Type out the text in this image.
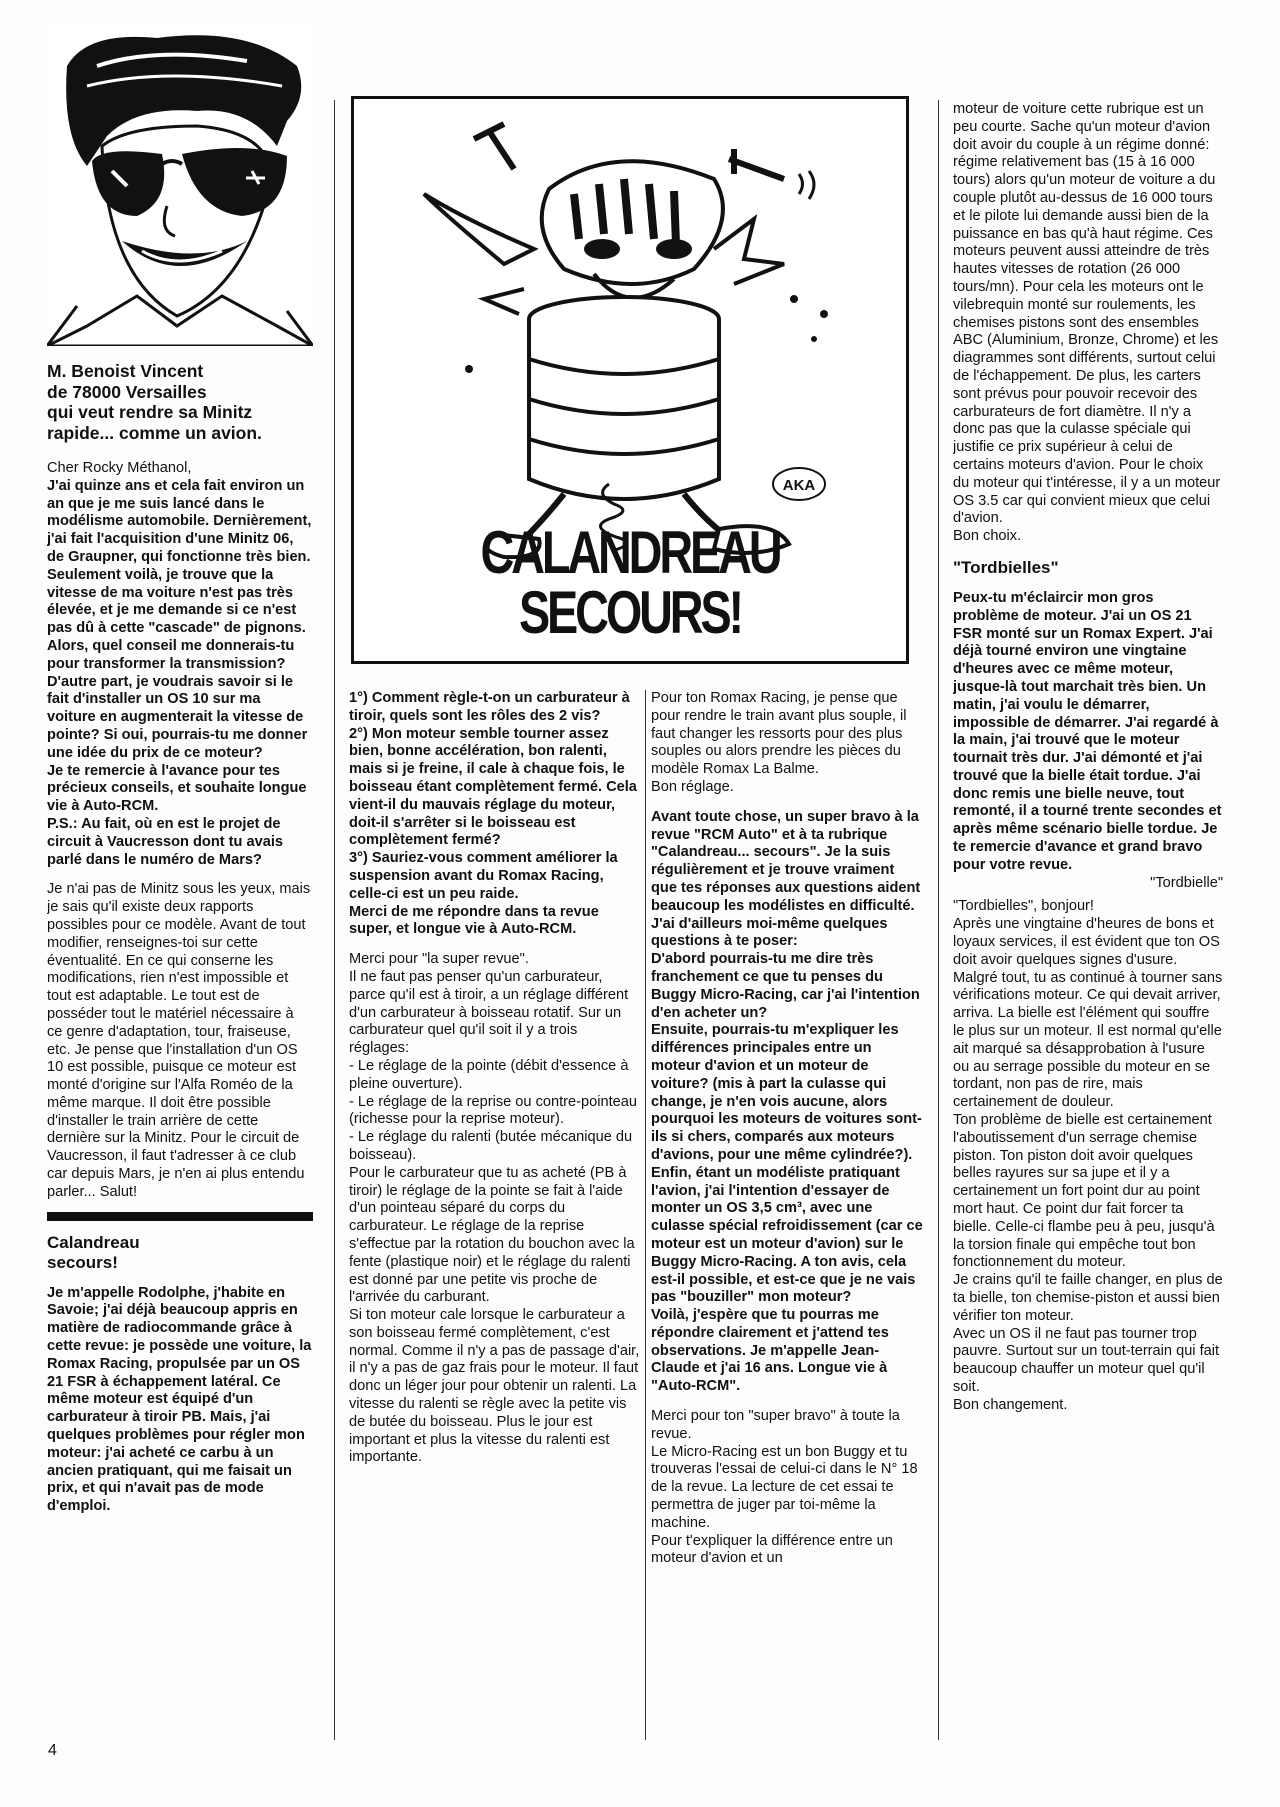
M. Benoist Vincent

de 78000 Versailles

qui veut rendre sa Minitz

rapide... comme un avion.

AKA
CALANDREAU SECOURS!

Cher Rocky Méthanol,

J'ai quinze ans et cela fait environ un an que je me suis lancé dans le modélisme automobile. Dernièrement, j'ai fait l'acquisition d'une Minitz 06, de Graupner, qui fonctionne très bien. Seulement voilà, je trouve que la vitesse de ma voiture n'est pas très élevée, et je me demande si ce n'est pas dû à cette "cascade" de pignons. Alors, quel conseil me donnerais-tu pour transformer la transmission? D'autre part, je voudrais savoir si le fait d'installer un OS 10 sur ma voiture en augmenterait la vitesse de pointe? Si oui, pourrais-tu me donner une idée du prix de ce moteur?

Je te remercie à l'avance pour tes précieux conseils, et souhaite longue vie à Auto-RCM.

P.S.: Au fait, où en est le projet de circuit à Vaucresson dont tu avais parlé dans le numéro de Mars?

Je n'ai pas de Minitz sous les yeux, mais je sais qu'il existe deux rapports possibles pour ce modèle. Avant de tout modifier, renseignes-toi sur cette éventualité. En ce qui conserne les modifications, rien n'est impossible et tout est adaptable. Le tout est de posséder tout le matériel nécessaire à ce genre d'adaptation, tour, fraiseuse, etc. Je pense que l'installation d'un OS 10 est possible, puisque ce moteur est monté d'origine sur l'Alfa Roméo de la même marque. Il doit être possible d'installer le train arrière de cette dernière sur la Minitz. Pour le circuit de Vaucresson, il faut t'adresser à ce club car depuis Mars, je n'en ai plus entendu parler... Salut!

Calandreau

secours!

Je m'appelle Rodolphe, j'habite en Savoie; j'ai déjà beaucoup appris en matière de radiocommande grâce à cette revue: je possède une voiture, la Romax Racing, propulsée par un OS 21 FSR à échappement latéral. Ce même moteur est équipé d'un carburateur à tiroir PB. Mais, j'ai quelques problèmes pour régler mon moteur: j'ai acheté ce carbu à un ancien pratiquant, qui me faisait un prix, et qui n'avait pas de mode d'emploi.

1°) Comment règle-t-on un carburateur à tiroir, quels sont les rôles des 2 vis?

2°) Mon moteur semble tourner assez bien, bonne accélération, bon ralenti, mais si je freine, il cale à chaque fois, le boisseau étant complètement fermé. Cela vient-il du mauvais réglage du moteur, doit-il s'arrêter si le boisseau est complètement fermé?

3°) Sauriez-vous comment améliorer la suspension avant du Romax Racing, celle-ci est un peu raide.

Merci de me répondre dans ta revue super, et longue vie à Auto-RCM.

Merci pour "la super revue".

Il ne faut pas penser qu'un carburateur, parce qu'il est à tiroir, a un réglage différent d'un carburateur à boisseau rotatif. Sur un carburateur quel qu'il soit il y a trois réglages:

- Le réglage de la pointe (débit d'essence à pleine ouverture).

- Le réglage de la reprise ou contre-pointeau (richesse pour la reprise moteur).

- Le réglage du ralenti (butée mécanique du boisseau).

Pour le carburateur que tu as acheté (PB à tiroir) le réglage de la pointe se fait à l'aide d'un pointeau séparé du corps du carburateur. Le réglage de la reprise s'effectue par la rotation du bouchon avec la fente (plastique noir) et le réglage du ralenti est donné par une petite vis proche de l'arrivée du carburant.

Si ton moteur cale lorsque le carburateur a son boisseau fermé complètement, c'est normal. Comme il n'y a pas de passage d'air, il n'y a pas de gaz frais pour le moteur. Il faut donc un léger jour pour obtenir un ralenti. La vitesse du ralenti se règle avec la petite vis de butée du boisseau. Plus le jour est important et plus la vitesse du ralenti est importante.

Pour ton Romax Racing, je pense que pour rendre le train avant plus souple, il faut changer les ressorts pour des plus souples ou alors prendre les pièces du modèle Romax La Balme.

Bon réglage.

Avant toute chose, un super bravo à la revue "RCM Auto" et à ta rubrique "Calandreau... secours". Je la suis régulièrement et je trouve vraiment que tes réponses aux questions aident beaucoup les modélistes en difficulté.

J'ai d'ailleurs moi-même quelques questions à te poser:

D'abord pourrais-tu me dire très franchement ce que tu penses du Buggy Micro-Racing, car j'ai l'intention d'en acheter un?

Ensuite, pourrais-tu m'expliquer les différences principales entre un moteur d'avion et un moteur de voiture? (mis à part la culasse qui change, je n'en vois aucune, alors pourquoi les moteurs de voitures sont-ils si chers, comparés aux moteurs d'avions, pour une même cylindrée?).

Enfin, étant un modéliste pratiquant l'avion, j'ai l'intention d'essayer de monter un OS 3,5 cm³, avec une culasse spécial refroidissement (car ce moteur est un moteur d'avion) sur le Buggy Micro-Racing. A ton avis, cela est-il possible, et est-ce que je ne vais pas "bouziller" mon moteur?

Voilà, j'espère que tu pourras me répondre clairement et j'attend tes observations. Je m'appelle Jean-Claude et j'ai 16 ans. Longue vie à "Auto-RCM".

Merci pour ton "super bravo" à toute la revue.

Le Micro-Racing est un bon Buggy et tu trouveras l'essai de celui-ci dans le N° 18 de la revue. La lecture de cet essai te permettra de juger par toi-même la machine.

Pour t'expliquer la différence entre un moteur d'avion et un

moteur de voiture cette rubrique est un peu courte. Sache qu'un moteur d'avion doit avoir du couple à un régime donné: régime relativement bas (15 à 16 000 tours) alors qu'un moteur de voiture a du couple plutôt au-dessus de 16 000 tours et le pilote lui demande aussi bien de la puissance en bas qu'à haut régime. Ces moteurs peuvent aussi atteindre de très hautes vitesses de rotation (26 000 tours/mn). Pour cela les moteurs ont le vilebrequin monté sur roulements, les chemises pistons sont des ensembles ABC (Aluminium, Bronze, Chrome) et les diagrammes sont différents, surtout celui de l'échappement. De plus, les carters sont prévus pour pouvoir recevoir des carburateurs de fort diamètre. Il n'y a donc pas que la culasse spéciale qui justifie ce prix supérieur à celui de certains moteurs d'avion. Pour le choix du moteur qui t'intéresse, il y a un moteur OS 3.5 car qui convient mieux que celui d'avion.

Bon choix.

"Tordbielles"

Peux-tu m'éclaircir mon gros problème de moteur. J'ai un OS 21 FSR monté sur un Romax Expert. J'ai déjà tourné environ une vingtaine d'heures avec ce même moteur, jusque-là tout marchait très bien. Un matin, j'ai voulu le démarrer, impossible de démarrer. J'ai regardé à la main, j'ai trouvé que le moteur tournait très dur. J'ai démonté et j'ai trouvé que la bielle était tordue. J'ai donc remis une bielle neuve, tout remonté, il a tourné trente secondes et après même scénario bielle tordue. Je te remercie d'avance et grand bravo pour votre revue.

"Tordbielle"

"Tordbielles", bonjour!

Après une vingtaine d'heures de bons et loyaux services, il est évident que ton OS doit avoir quelques signes d'usure. Malgré tout, tu as continué à tourner sans vérifications moteur. Ce qui devait arriver, arriva. La bielle est l'élément qui souffre le plus sur un moteur. Il est normal qu'elle ait marqué sa désapprobation à l'usure ou au serrage possible du moteur en se tordant, non pas de rire, mais certainement de douleur.

Ton problème de bielle est certainement l'aboutissement d'un serrage chemise piston. Ton piston doit avoir quelques belles rayures sur sa jupe et il y a certainement un fort point dur au point mort haut. Ce point dur fait forcer ta bielle. Celle-ci flambe peu à peu, jusqu'à la torsion finale qui empêche tout bon fonctionnement du moteur.

Je crains qu'il te faille changer, en plus de ta bielle, ton chemise-piston et aussi bien vérifier ton moteur.

Avec un OS il ne faut pas tourner trop pauvre. Surtout sur un tout-terrain qui fait beaucoup chauffer un moteur quel qu'il soit.

Bon changement.

4
